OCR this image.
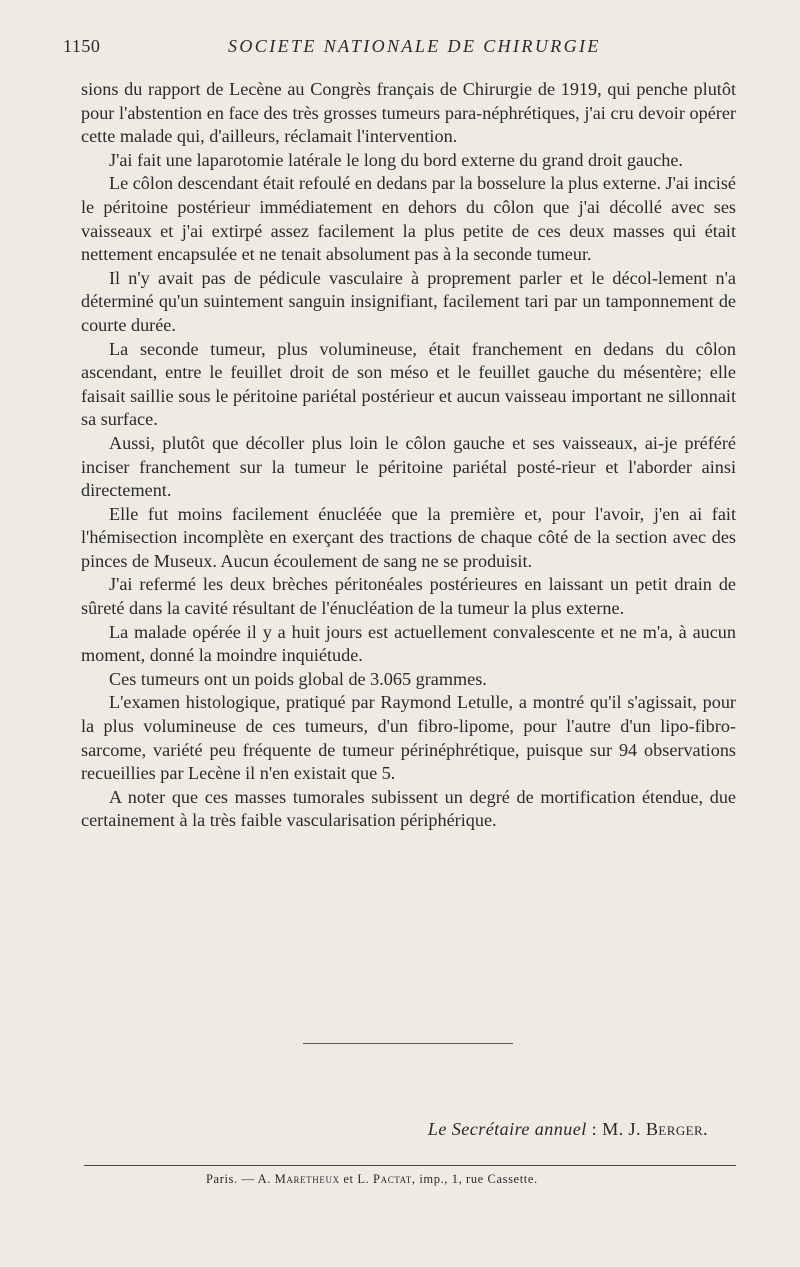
1150	SOCIETE NATIONALE DE CHIRURGIE

sions du rapport de Lecène au Congrès français de Chirurgie de 1919, qui penche plutôt pour l'abstention en face des très grosses tumeurs para-néphrétiques, j'ai cru devoir opérer cette malade qui, d'ailleurs, réclamait l'intervention.

J'ai fait une laparotomie latérale le long du bord externe du grand droit gauche.

Le côlon descendant était refoulé en dedans par la bosselure la plus externe. J'ai incisé le péritoine postérieur immédiatement en dehors du côlon que j'ai décollé avec ses vaisseaux et j'ai extirpé assez facilement la plus petite de ces deux masses qui était nettement encapsulée et ne tenait absolument pas à la seconde tumeur.

Il n'y avait pas de pédicule vasculaire à proprement parler et le décol-lement n'a déterminé qu'un suintement sanguin insignifiant, facilement tari par un tamponnement de courte durée.

La seconde tumeur, plus volumineuse, était franchement en dedans du côlon ascendant, entre le feuillet droit de son méso et le feuillet gauche du mésentère; elle faisait saillie sous le péritoine pariétal postérieur et aucun vaisseau important ne sillonnait sa surface.

Aussi, plutôt que décoller plus loin le côlon gauche et ses vaisseaux, ai-je préféré inciser franchement sur la tumeur le péritoine pariétal posté-rieur et l'aborder ainsi directement.

Elle fut moins facilement énucléée que la première et, pour l'avoir, j'en ai fait l'hémisection incomplète en exerçant des tractions de chaque côté de la section avec des pinces de Museux. Aucun écoulement de sang ne se produisit.

J'ai refermé les deux brèches péritonéales postérieures en laissant un petit drain de sûreté dans la cavité résultant de l'énucléation de la tumeur la plus externe.

La malade opérée il y a huit jours est actuellement convalescente et ne m'a, à aucun moment, donné la moindre inquiétude.

Ces tumeurs ont un poids global de 3.065 grammes.

L'examen histologique, pratiqué par Raymond Letulle, a montré qu'il s'agissait, pour la plus volumineuse de ces tumeurs, d'un fibro-lipome, pour l'autre d'un lipo-fibro-sarcome, variété peu fréquente de tumeur périnéphrétique, puisque sur 94 observations recueillies par Lecène il n'en existait que 5.

A noter que ces masses tumorales subissent un degré de mortification étendue, due certainement à la très faible vascularisation périphérique.

Le Secrétaire annuel : M. J. Berger.
Paris. — A. Maretheux et L. Pactat, imp., 1, rue Cassette.
